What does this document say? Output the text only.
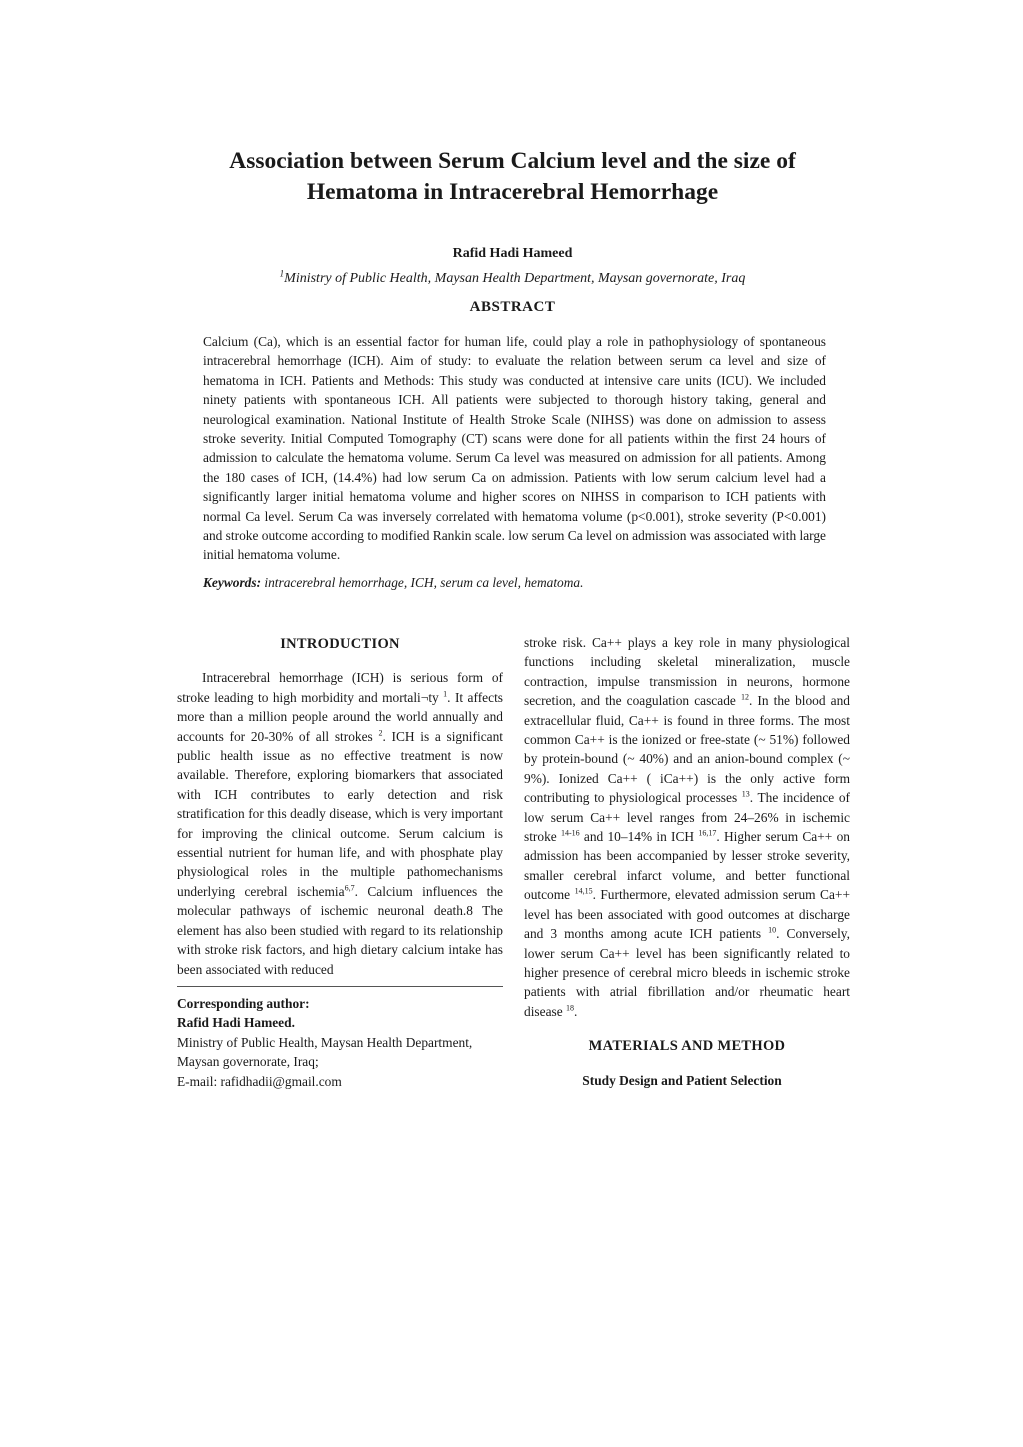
Association between Serum Calcium level and the size of
Hematoma in Intracerebral Hemorrhage
Rafid Hadi Hameed
$^1$Ministry of Public Health, Maysan Health Department, Maysan governorate, Iraq
ABSTRACT
Calcium (Ca), which is an essential factor for human life, could play a role in pathophysiology of spontaneous intracerebral hemorrhage (ICH). Aim of study: to evaluate the relation between serum ca level and size of hematoma in ICH. Patients and Methods: This study was conducted at intensive care units (ICU). We included ninety patients with spontaneous ICH. All patients were subjected to thorough history taking, general and neurological examination. National Institute of Health Stroke Scale (NIHSS) was done on admission to assess stroke severity. Initial Computed Tomography (CT) scans were done for all patients within the first 24 hours of admission to calculate the hematoma volume. Serum Ca level was measured on admission for all patients. Among the 180 cases of ICH, (14.4%) had low serum Ca on admission. Patients with low serum calcium level had a significantly larger initial hematoma volume and higher scores on NIHSS in comparison to ICH patients with normal Ca level. Serum Ca was inversely correlated with hematoma volume (p<0.001), stroke severity (P<0.001) and stroke outcome according to modified Rankin scale. low serum Ca level on admission was associated with large initial hematoma volume.
Keywords: intracerebral hemorrhage, ICH, serum ca level, hematoma.
INTRODUCTION
Intracerebral hemorrhage (ICH) is serious form of stroke leading to high morbidity and mortali¬ty $^1$. It affects more than a million people around the world annually and accounts for 20-30% of all strokes $^2$. ICH is a significant public health issue as no effective treatment is now available. Therefore, exploring biomarkers that associated with ICH contributes to early detection and risk stratification for this deadly disease, which is very important for improving the clinical outcome. Serum calcium is essential nutrient for human life, and with phosphate play physiological roles in the multiple pathomechanisms underlying cerebral ischemia$^{6,7}$. Calcium influences the molecular pathways of ischemic neuronal death.8 The element has also been studied with regard to its relationship with stroke risk factors, and high dietary calcium intake has been associated with reduced
Corresponding author:
Rafid Hadi Hameed.
Ministry of Public Health, Maysan Health Department,
Maysan governorate, Iraq;
E-mail: rafidhadii@gmail.com
stroke risk. Ca++ plays a key role in many physiological functions including skeletal mineralization, muscle contraction, impulse transmission in neurons, hormone secretion, and the coagulation cascade $^{12}$. In the blood and extracellular fluid, Ca++ is found in three forms. The most common Ca++ is the ionized or free-state (~ 51%) followed by protein-bound (~ 40%) and an anion-bound complex (~ 9%). Ionized Ca++ ( iCa++) is the only active form contributing to physiological processes $^{13}$. The incidence of low serum Ca++ level ranges from 24–26% in ischemic stroke $^{14-16}$ and 10–14% in ICH $^{16,17}$. Higher serum Ca++ on admission has been accompanied by lesser stroke severity, smaller cerebral infarct volume, and better functional outcome $^{14,15}$. Furthermore, elevated admission serum Ca++ level has been associated with good outcomes at discharge and 3 months among acute ICH patients $^{10}$. Conversely, lower serum Ca++ level has been significantly related to higher presence of cerebral micro bleeds in ischemic stroke patients with atrial fibrillation and/or rheumatic heart disease $^{18}$.
MATERIALS AND METHOD
Study Design and Patient Selection
